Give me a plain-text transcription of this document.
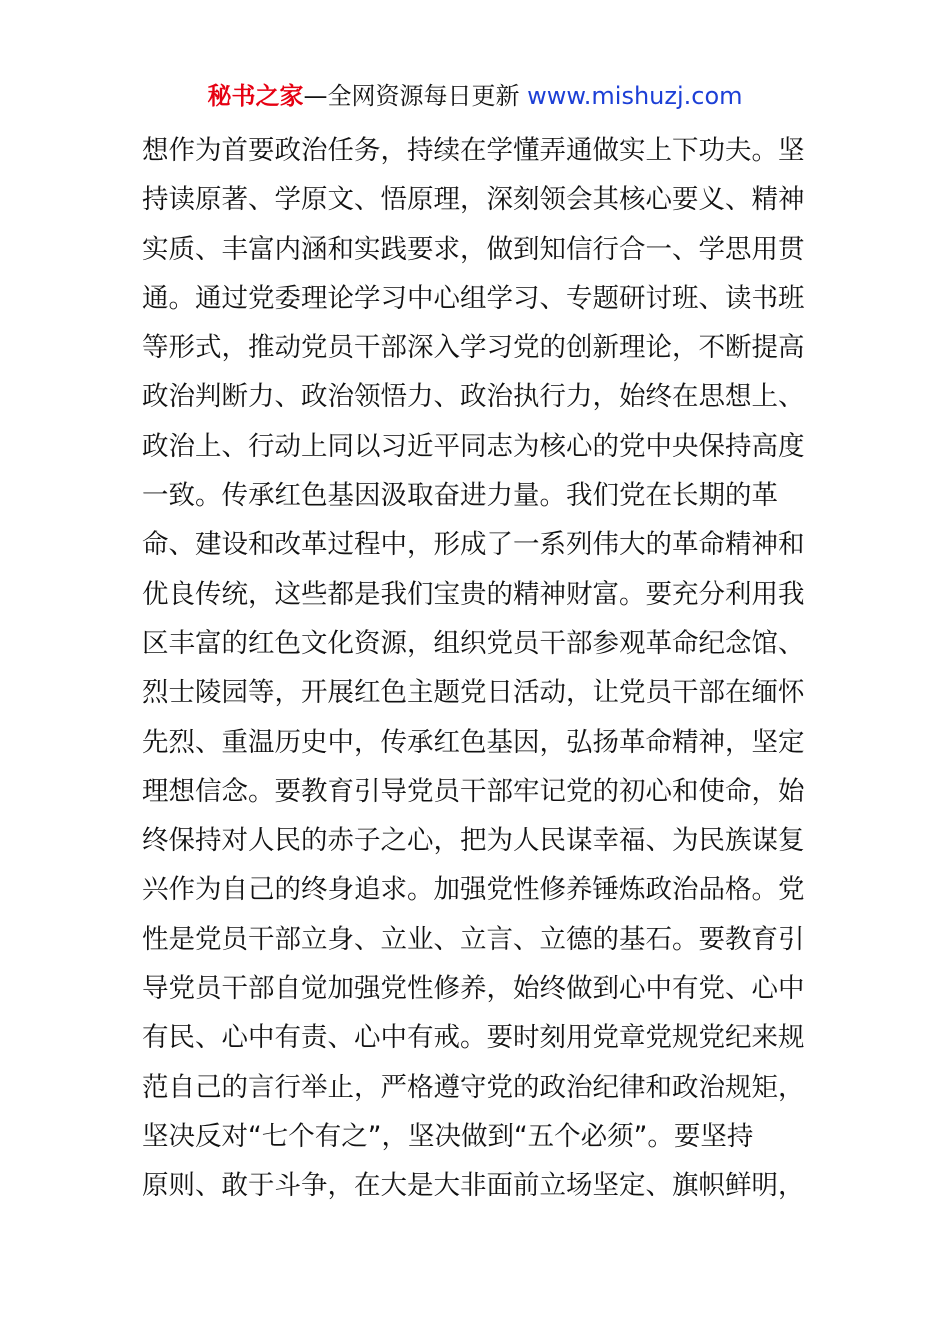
秘书之家—全网资源每日更新 www.mishuzj.com
想作为首要政治任务，持续在学懂弄通做实上下功夫。坚
持读原著、学原文、悟原理，深刻领会其核心要义、精神
实质、丰富内涵和实践要求，做到知信行合一、学思用贯
通。通过党委理论学习中心组学习、专题研讨班、读书班
等形式，推动党员干部深入学习党的创新理论，不断提高
政治判断力、政治领悟力、政治执行力，始终在思想上、
政治上、行动上同以习近平同志为核心的党中央保持高度
一致。传承红色基因汲取奋进力量。我们党在长期的革
命、建设和改革过程中，形成了一系列伟大的革命精神和
优良传统，这些都是我们宝贵的精神财富。要充分利用我
区丰富的红色文化资源，组织党员干部参观革命纪念馆、
烈士陵园等，开展红色主题党日活动，让党员干部在缅怀
先烈、重温历史中，传承红色基因，弘扬革命精神，坚定
理想信念。要教育引导党员干部牢记党的初心和使命，始
终保持对人民的赤子之心，把为人民谋幸福、为民族谋复
兴作为自己的终身追求。加强党性修养锤炼政治品格。党
性是党员干部立身、立业、立言、立德的基石。要教育引
导党员干部自觉加强党性修养，始终做到心中有党、心中
有民、心中有责、心中有戒。要时刻用党章党规党纪来规
范自己的言行举止，严格遵守党的政治纪律和政治规矩，
坚决反对“七个有之”，坚决做到“五个必须”。要坚持
原则、敢于斗争，在大是大非面前立场坚定、旗帜鲜明，
